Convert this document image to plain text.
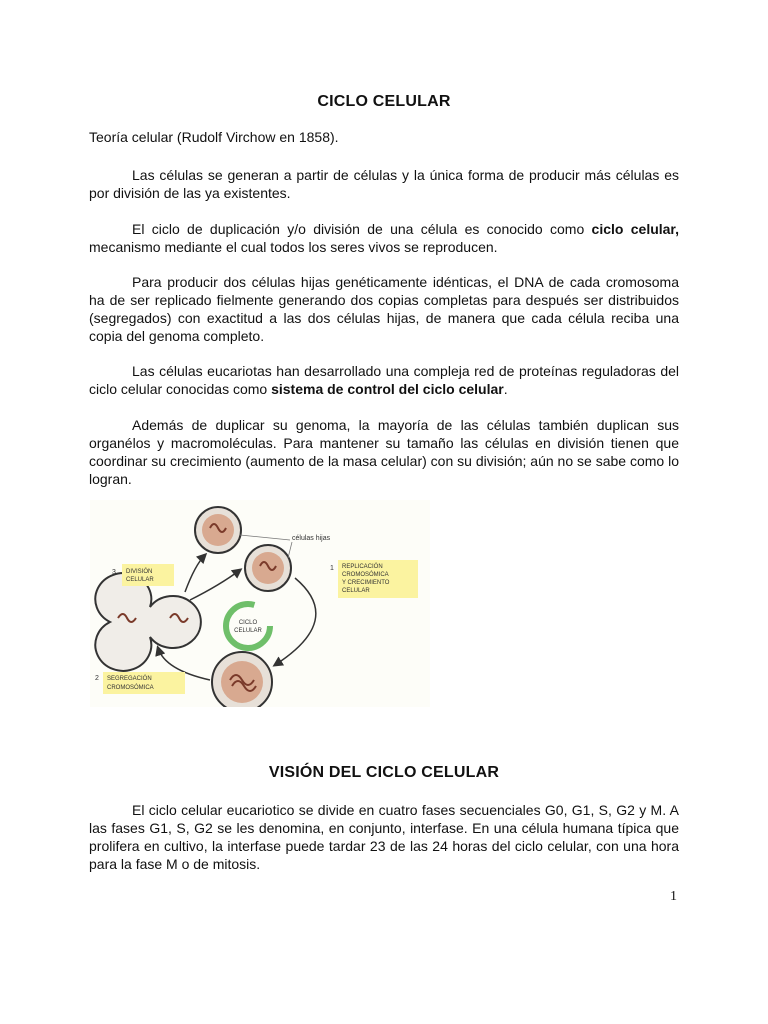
CICLO CELULAR

Teoría celular (Rudolf Virchow en 1858).

Las células se generan a partir de células y la única forma de producir más células es por división de las ya existentes.

El ciclo de duplicación y/o división de una célula es conocido como ciclo celular, mecanismo mediante el cual todos los seres vivos se reproducen.

Para producir dos células hijas genéticamente idénticas, el DNA de cada cromosoma ha de ser replicado fielmente generando dos copias completas para después ser distribuidos (segregados) con exactitud a las dos células hijas, de manera que cada célula reciba una copia del genoma completo.

Las células eucariotas han desarrollado una compleja red de proteínas reguladoras del ciclo celular conocidas como sistema de control del ciclo celular.

Además de duplicar su genoma, la mayoría de las células también duplican sus organélos y macromoléculas. Para mantener su tamaño las células en división tienen que coordinar su crecimiento (aumento de la masa celular) con su división; aún no se sabe como lo logran.

CICLO
CELULAR
células hijas
1 REPLICACIÓN
CROMOSÓMICA
Y CRECIMIENTO
CELULAR
2 SEGREGACIÓN
CROMOSÓMICA
3 DIVISIÓN
CELULAR
VISIÓN DEL CICLO CELULAR

El ciclo celular eucariotico se divide en cuatro fases secuenciales G0, G1, S, G2 y M. A las fases G1, S, G2 se les denomina, en conjunto, interfase. En una célula humana típica que prolifera en cultivo, la interfase puede tardar 23 de las 24 horas del ciclo celular, con una hora para la fase M o de mitosis.

1
